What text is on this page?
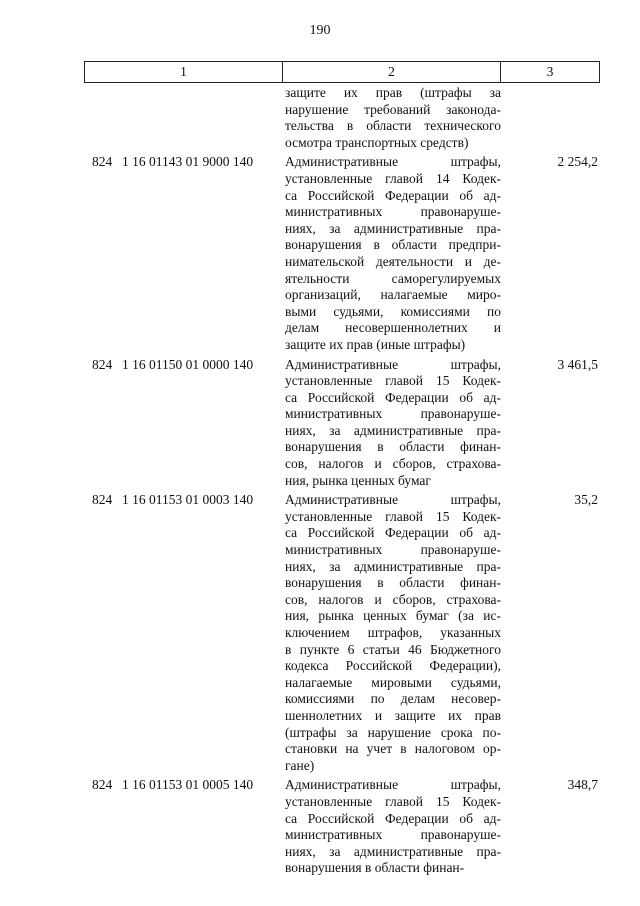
190
1	2	3
защите их прав (штрафы за
нарушение требований законода-
тельства в области технического
осмотра транспортных средств)
824 1 16 01143 01 9000 140	Административные штрафы,
установленные главой 14 Кодек-
са Российской Федерации об ад-
министративных правонаруше-
ниях, за административные пра-
вонарушения в области предпри-
нимательской деятельности и де-
ятельности саморегулируемых
организаций, налагаемые миро-
выми судьями, комиссиями по
делам несовершеннолетних и
защите их прав (иные штрафы)
2 254,2
824 1 16 01150 01 0000 140	Административные штрафы,
установленные главой 15 Кодек-
са Российской Федерации об ад-
министративных правонаруше-
ниях, за административные пра-
вонарушения в области финан-
сов, налогов и сборов, страхова-
ния, рынка ценных бумаг
3 461,5
824 1 16 01153 01 0003 140	Административные штрафы,
установленные главой 15 Кодек-
са Российской Федерации об ад-
министративных правонаруше-
ниях, за административные пра-
вонарушения в области финан-
сов, налогов и сборов, страхова-
ния, рынка ценных бумаг (за ис-
ключением штрафов, указанных
в пункте 6 статьи 46 Бюджетного
кодекса Российской Федерации),
налагаемые мировыми судьями,
комиссиями по делам несовер-
шеннолетних и защите их прав
(штрафы за нарушение срока по-
становки на учет в налоговом ор-
гане)
35,2
824 1 16 01153 01 0005 140	Административные штрафы,
установленные главой 15 Кодек-
са Российской Федерации об ад-
министративных правонаруше-
ниях, за административные пра-
вонарушения в области финан-
348,7
